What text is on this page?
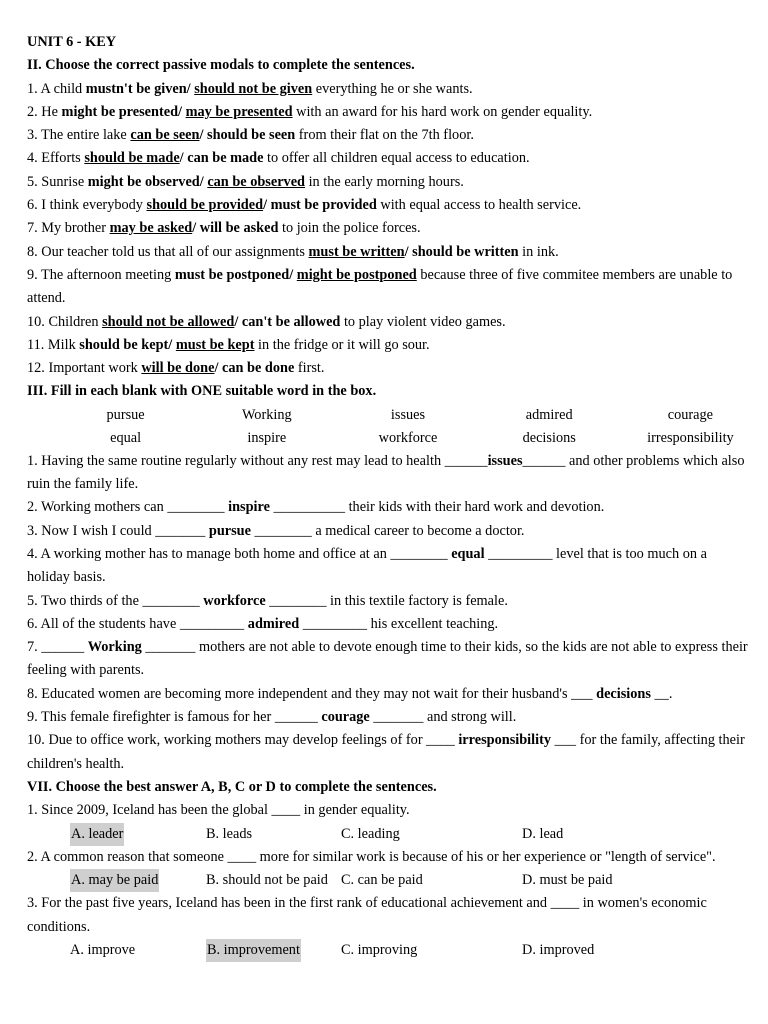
UNIT 6 - KEY
II. Choose the correct passive modals to complete the sentences.
1. A child mustn't be given/ should not be given everything he or she wants.
2. He might be presented/ may be presented with an award for his hard work on gender equality.
3. The entire lake can be seen/ should be seen from their flat on the 7th floor.
4. Efforts should be made/ can be made to offer all children equal access to education.
5. Sunrise might be observed/ can be observed in the early morning hours.
6. I think everybody should be provided/ must be provided with equal access to health service.
7. My brother may be asked/ will be asked to join the police forces.
8. Our teacher told us that all of our assignments must be written/ should be written in ink.
9. The afternoon meeting must be postponed/ might be postponed because three of five commitee members are unable to attend.
10. Children should not be allowed/ can't be allowed to play violent video games.
11. Milk should be kept/ must be kept in the fridge or it will go sour.
12. Important work will be done/ can be done first.
III. Fill in each blank with ONE suitable word in the box.
pursue	Working	issues	admired	courage
equal	inspire	workforce	decisions	irresponsibility
1. Having the same routine regularly without any rest may lead to health ______issues______ and other problems which also ruin the family life.
2. Working mothers can ________ inspire __________ their kids with their hard work and devotion.
3. Now I wish I could _______ pursue ________ a medical career to become a doctor.
4. A working mother has to manage both home and office at an ________ equal _________ level that is too much on a holiday basis.
5. Two thirds of the ________ workforce ________ in this textile factory is female.
6. All of the students have _________ admired _________ his excellent teaching.
7. ______ Working _______ mothers are not able to devote enough time to their kids, so the kids are not able to express their feeling with parents.
8. Educated women are becoming more independent and they may not wait for their husband's ___ decisions __.
9. This female firefighter is famous for her ______ courage _______ and strong will.
10. Due to office work, working mothers may develop feelings of for ____ irresponsibility ___ for the family, affecting their children's health.
VII. Choose the best answer A, B, C or D to complete the sentences.
1. Since 2009, Iceland has been the global ____ in gender equality.
A. leader	B. leads	C. leading	D. lead
2. A common reason that someone ____ more for similar work is because of his or her experience or "length of service".
A. may be paid	B. should not be paid C. can be paid	D. must be paid
3. For the past five years, Iceland has been in the first rank of educational achievement and ____ in women's economic conditions.
A. improve	B. improvement	C. improving	D. improved
